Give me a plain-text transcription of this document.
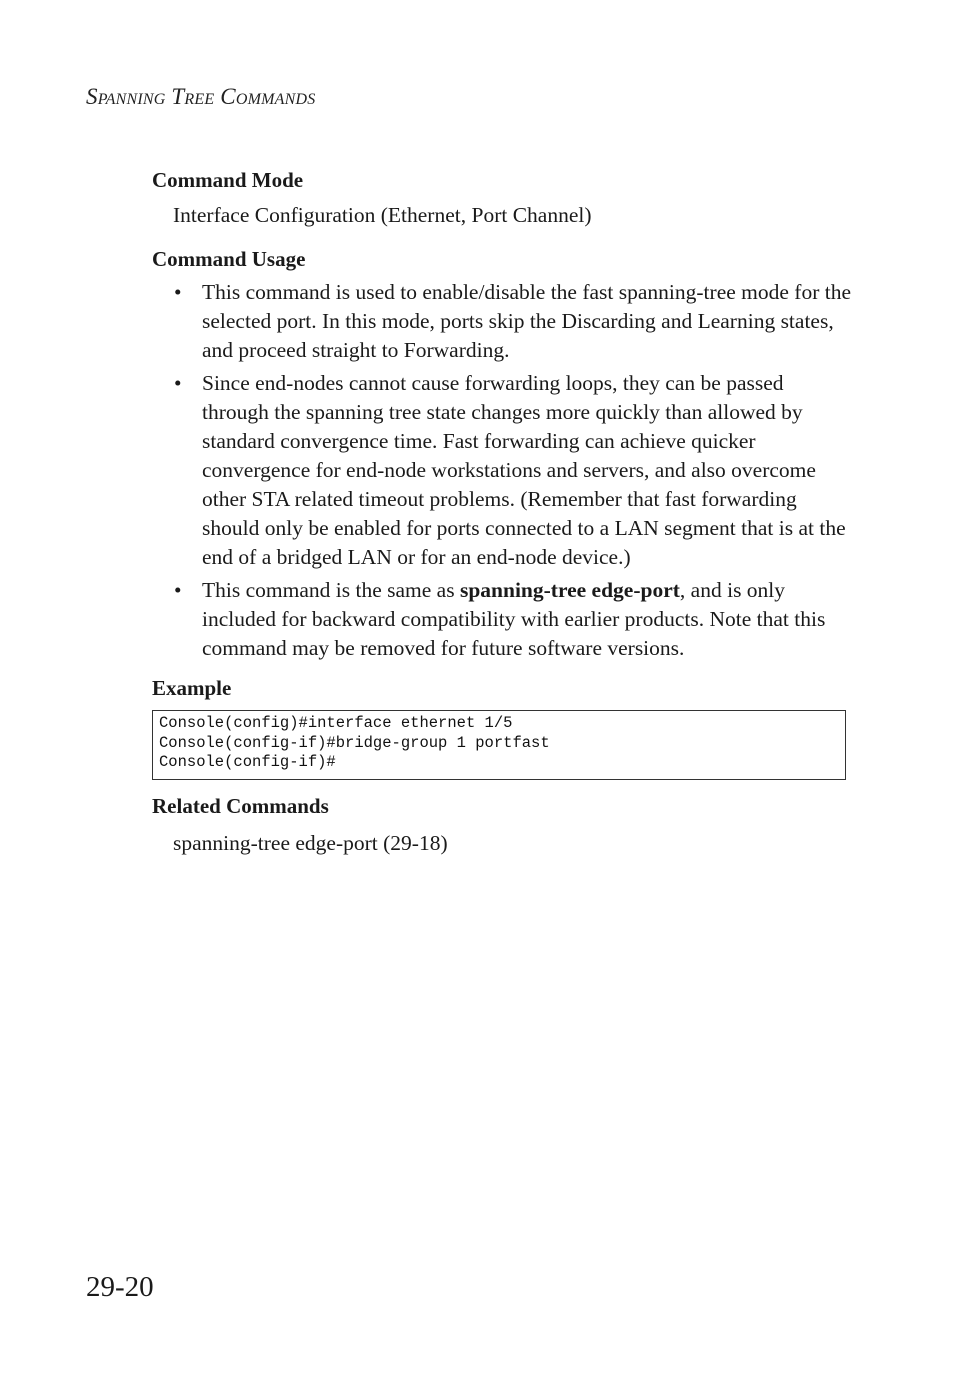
Spanning Tree Commands
Command Mode

Interface Configuration (Ethernet, Port Channel)

Command Usage
• This command is used to enable/disable the fast spanning-tree mode for the selected port. In this mode, ports skip the Discarding and Learning states, and proceed straight to Forwarding.
• Since end-nodes cannot cause forwarding loops, they can be passed through the spanning tree state changes more quickly than allowed by standard convergence time. Fast forwarding can achieve quicker convergence for end-node workstations and servers, and also overcome other STA related timeout problems. (Remember that fast forwarding should only be enabled for ports connected to a LAN segment that is at the end of a bridged LAN or for an end-node device.)
• This command is the same as spanning-tree edge-port, and is only included for backward compatibility with earlier products. Note that this command may be removed for future software versions.
Example
Console(config)#interface ethernet 1/5
Console(config-if)#bridge-group 1 portfast
Console(config-if)#
Related Commands

spanning-tree edge-port (29-18)

29-20
